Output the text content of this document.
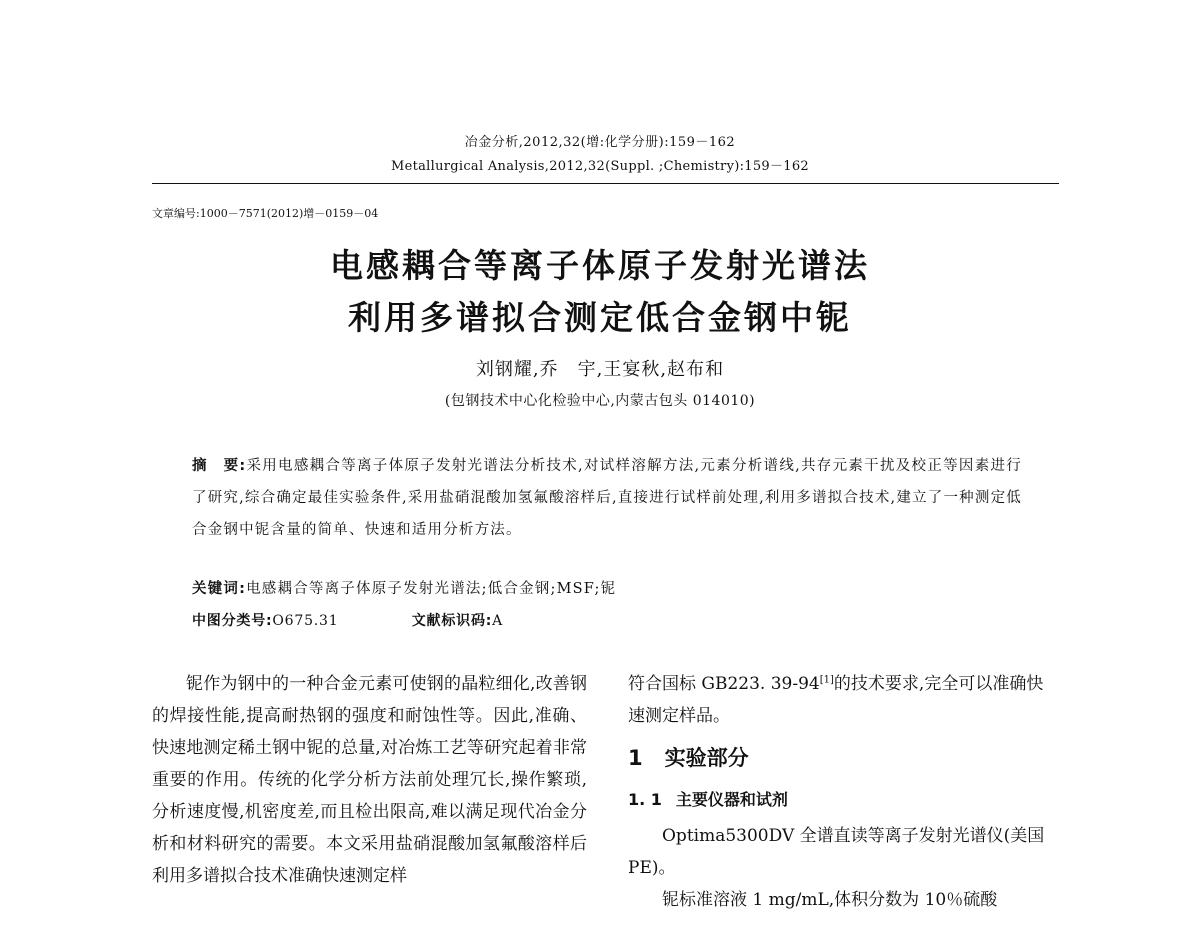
冶金分析,2012,32(增:化学分册):159－162
Metallurgical Analysis,2012,32(Suppl. ;Chemistry):159－162
文章编号:1000－7571(2012)增－0159－04
电感耦合等离子体原子发射光谱法
利用多谱拟合测定低合金钢中铌
刘钢耀,乔　宇,王宴秋,赵布和
(包钢技术中心化检验中心,内蒙古包头 014010)
摘　要:采用电感耦合等离子体原子发射光谱法分析技术,对试样溶解方法,元素分析谱线,共存元素干扰及校正等因素进行了研究,综合确定最佳实验条件,采用盐硝混酸加氢氟酸溶样后,直接进行试样前处理,利用多谱拟合技术,建立了一种测定低合金钢中铌含量的简单、快速和适用分析方法。
关键词:电感耦合等离子体原子发射光谱法;低合金钢;MSF;铌
中图分类号:O675.31	文献标识码:A

铌作为钢中的一种合金元素可使钢的晶粒细化,改善钢的焊接性能,提高耐热钢的强度和耐蚀性等。因此,准确、快速地测定稀土钢中铌的总量,对冶炼工艺等研究起着非常重要的作用。传统的化学分析方法前处理冗长,操作繁琐,分析速度慢,机密度差,而且检出限高,难以满足现代冶金分析和材料研究的需要。本文采用盐硝混酸加氢氟酸溶样后利用多谱拟合技术准确快速测定样

符合国标 GB223. 39-94[1]的技术要求,完全可以准确快速测定样品。

1 实验部分

1. 1 主要仪器和试剂

Optima5300DV 全谱直读等离子发射光谱仪(美国 PE)。

铌标准溶液 1 mg/mL,体积分数为 10％硫酸
